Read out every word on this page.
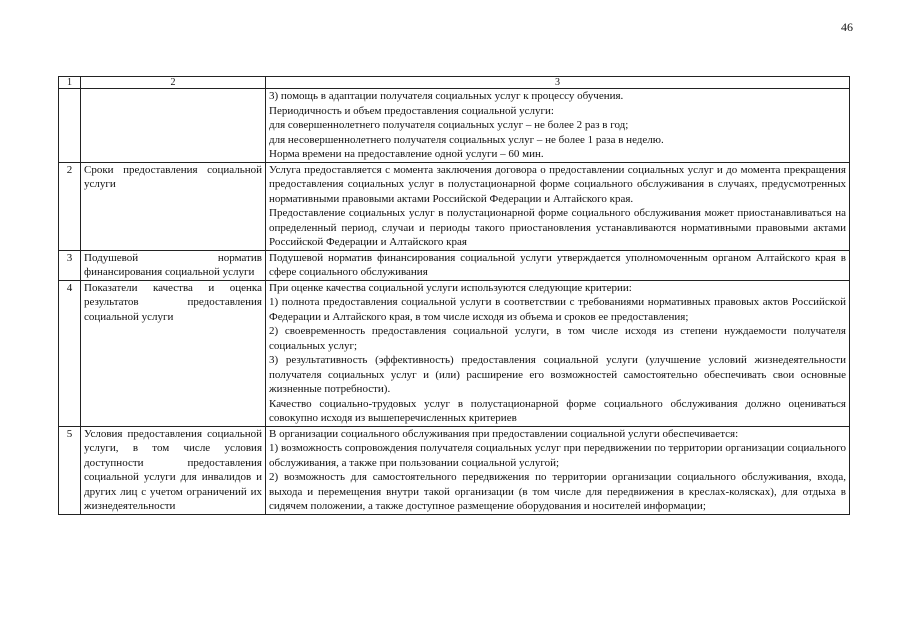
46
1	2	3

		3) помощь в адаптации получателя социальных услуг к процессу обучения.
Периодичность и объем предоставления социальной услуги:
для совершеннолетнего получателя социальных услуг – не более 2 раз в год;
для несовершеннолетнего получателя социальных услуг – не более 1 раза в неделю.
Норма времени на предоставление одной услуги – 60 мин.

2	Сроки предоставления социальной услуги	Услуга предоставляется с момента заключения договора о предоставлении социальных услуг и до момента прекращения предоставления социальных услуг в полустационарной форме социального обслуживания в случаях, предусмотренных нормативными правовыми актами Российской Федерации и Алтайского края.
Предоставление социальных услуг в полустационарной форме социального обслуживания может приостанавливаться на определенный период, случаи и периоды такого приостановления устанавливаются нормативными правовыми актами Российской Федерации и Алтайского края

3	Подушевой норматив финансирования социальной услуги	Подушевой норматив финансирования социальной услуги утверждается уполномоченным органом Алтайского края в сфере социального обслуживания

4	Показатели качества и оценка результатов предоставления социальной услуги	При оценке качества социальной услуги используются следующие критерии:
1) полнота предоставления социальной услуги в соответствии с требованиями нормативных правовых актов Российской Федерации и Алтайского края, в том числе исходя из объема и сроков ее предоставления;
2) своевременность предоставления социальной услуги, в том числе исходя из степени нуждаемости получателя социальных услуг;
3) результативность (эффективность) предоставления социальной услуги (улучшение условий жизнедеятельности получателя социальных услуг и (или) расширение его возможностей самостоятельно обеспечивать свои основные жизненные потребности).
Качество социально-трудовых услуг в полустационарной форме социального обслуживания должно оцениваться совокупно исходя из вышеперечисленных критериев

5	Условия предоставления социальной услуги, в том числе условия доступности предоставления социальной услуги для инвалидов и других лиц с учетом ограничений их жизнедеятельности	В организации социального обслуживания при предоставлении социальной услуги обеспечивается:
1) возможность сопровождения получателя социальных услуг при передвижении по территории организации социального обслуживания, а также при пользовании социальной услугой;
2) возможность для самостоятельного передвижения по территории организации социального обслуживания, входа, выхода и перемещения внутри такой организации (в том числе для передвижения в креслах-колясках), для отдыха в сидячем положении, а также доступное размещение оборудования и носителей информации;
